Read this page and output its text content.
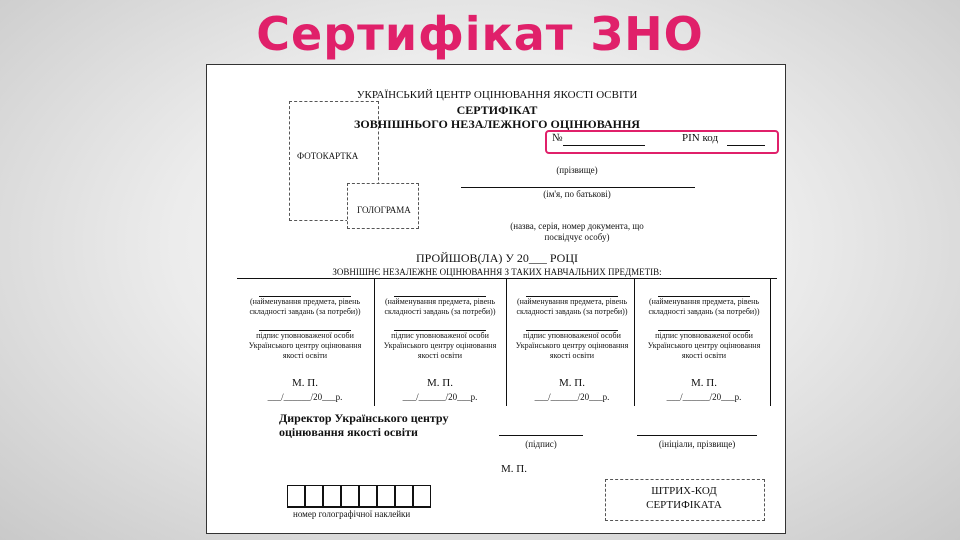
Сертифікат ЗНО
УКРАЇНСЬКИЙ ЦЕНТР ОЦІНЮВАННЯ ЯКОСТІ ОСВІТИ
СЕРТИФІКАТ
ЗОВНІШНЬОГО НЕЗАЛЕЖНОГО ОЦІНЮВАННЯ
№	PIN код
ФОТОКАРТКА
ГОЛОГРАМА
(прізвище)
(ім'я, по батькові)
(назва, серія, номер документа, що посвідчує особу)
ПРОЙШОВ(ЛА) У 20___ РОЦІ
ЗОВНІШНЄ НЕЗАЛЕЖНЕ ОЦІНЮВАННЯ З ТАКИХ НАВЧАЛЬНИХ ПРЕДМЕТІВ:
(найменування предмета, рівень складності завдань (за потреби))
підпис уповноваженої особи Українського центру оцінювання якості освіти
М. П.
___/______/20___р.
(найменування предмета, рівень складності завдань (за потреби))
підпис уповноваженої особи Українського центру оцінювання якості освіти
М. П.
___/______/20___р.
(найменування предмета, рівень складності завдань (за потреби))
підпис уповноваженої особи Українського центру оцінювання якості освіти
М. П.
___/______/20___р.
(найменування предмета, рівень складності завдань (за потреби))
підпис уповноваженої особи Українського центру оцінювання якості освіти
М. П.
___/______/20___р.
Директор Українського центру
оцінювання якості освіти
(підпис)	(ініціали, прізвище)
М. П.
номер голографічної наклейки
ШТРИХ-КОД
СЕРТИФІКАТА
